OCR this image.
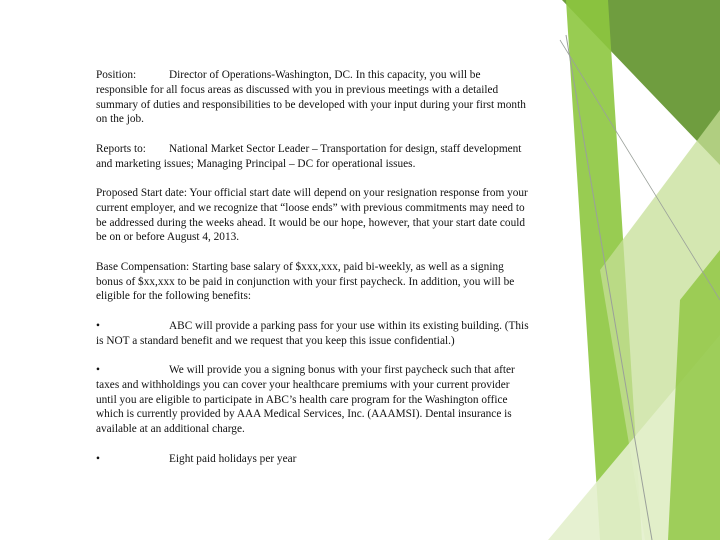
Position:	Director of Operations-Washington, DC. In this capacity, you will be responsible for all focus areas as discussed with you in previous meetings with a detailed summary of duties and responsibilities to be developed with your input during your first month on the job.

Reports to: National Market Sector Leader – Transportation for design, staff development and marketing issues; Managing Principal – DC for operational issues.

Proposed Start date: Your official start date will depend on your resignation response from your current employer, and we recognize that “loose ends” with previous commitments may need to be addressed during the weeks ahead. It would be our hope, however, that your start date could be on or before August 4, 2013.

Base Compensation: Starting base salary of $xxx,xxx, paid bi-weekly, as well as a signing bonus of $xx,xxx to be paid in conjunction with your first paycheck. In addition, you will be eligible for the following benefits:

•	ABC will provide a parking pass for your use within its existing building. (This is NOT a standard benefit and we request that you keep this issue confidential.)

•	We will provide you a signing bonus with your first paycheck such that after taxes and withholdings you can cover your healthcare premiums with your current provider until you are eligible to participate in ABC’s health care program for the Washington office which is currently provided by AAA Medical Services, Inc. (AAAMSI). Dental insurance is available at an additional charge.

•	Eight paid holidays per year
